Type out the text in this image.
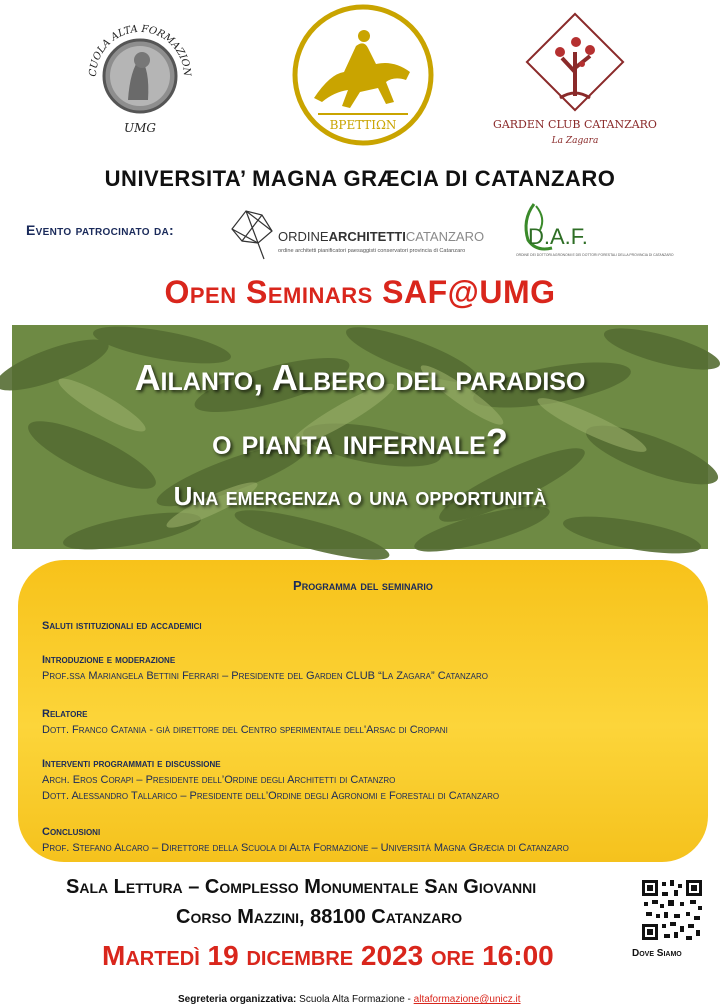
CUOLA ALTA FORMAZION
UMG	ΒΡΕΤΤΙΩΝ	GARDEN CLUB CATANZARO
La Zagara
UNIVERSITA’ MAGNA GRÆCIA DI CATANZARO
Evento patrocinato da:	ORDINEARCHITETTICATANZARO
ordine architetti pianificatori paesaggisti conservatori provincia di Catanzaro
D.A.F.
ORDINE DEI DOTTORI AGRONOMI E DEI DOTTORI FORESTALI DELLA PROVINCIA DI CATANZARO
Open Seminars SAF@UMG
Ailanto, Albero del paradiso
o pianta infernale?
Una emergenza o una opportunità
Programma del seminario
Saluti istituzionali ed accademici
Introduzione e moderazione
Prof.ssa Mariangela Bettini Ferrari – Presidente del Garden CLUB “La Zagara” Catanzaro
Relatore
Dott. Franco Catania - già direttore del Centro sperimentale dell'Arsac di Cropani
Interventi programmati e discussione
Arch. Eros Corapi – Presidente dell’Ordine degli Architetti di Catanzro
Dott. Alessandro Tallarico – Presidente dell’Ordine degli Agronomi e Forestali di Catanzaro
Conclusioni
Prof. Stefano Alcaro – Direttore della Scuola di Alta Formazione – Università Magna Græcia di Catanzaro
Sala Lettura – Complesso Monumentale San Giovanni
Corso Mazzini, 88100 Catanzaro
Martedì 19 dicembre 2023 ore 16:00	Dove Siamo
Segreteria organizzativa: Scuola Alta Formazione - altaformazione@unicz.it
